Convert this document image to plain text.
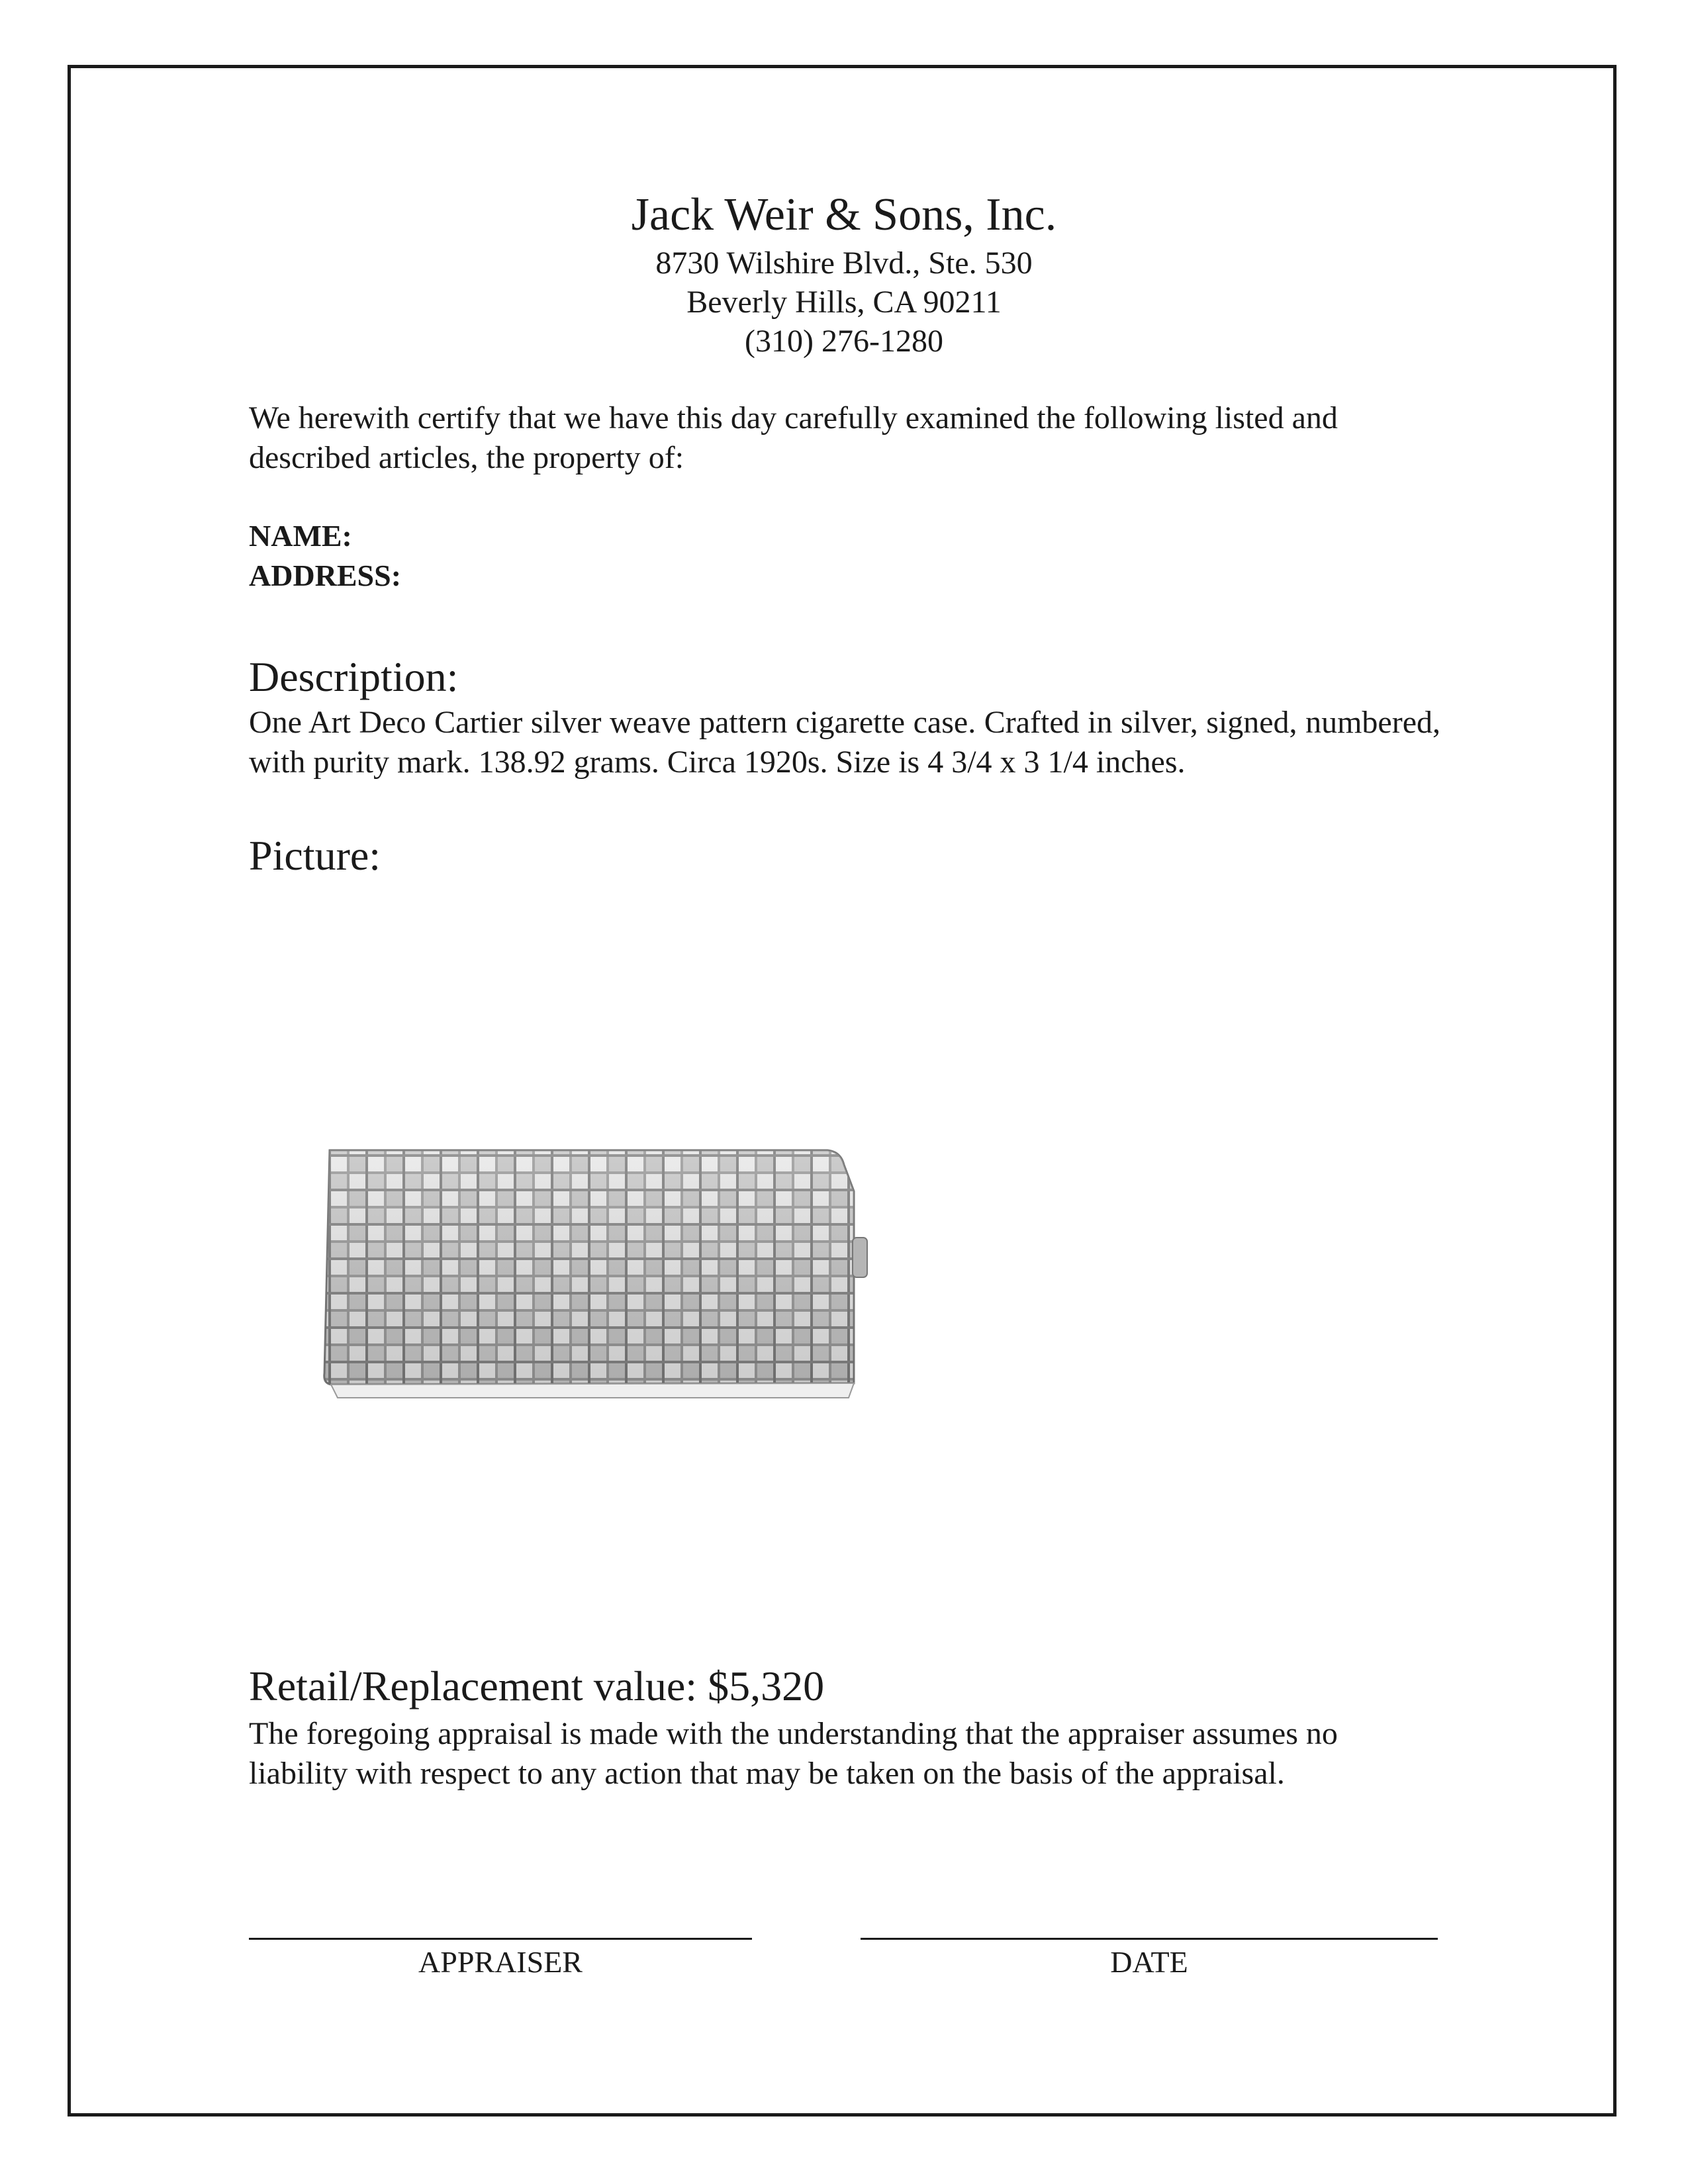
Jack Weir & Sons, Inc.
8730 Wilshire Blvd., Ste. 530
Beverly Hills, CA 90211
(310) 276-1280
We herewith certify that we have this day carefully examined the following listed and described articles, the property of:
NAME:
ADDRESS:
Description:
One Art Deco Cartier silver weave pattern cigarette case. Crafted in silver, signed, numbered, with purity mark. 138.92 grams. Circa 1920s. Size is 4 3/4 x 3 1/4 inches.
Picture:
Retail/Replacement value: $5,320
The foregoing appraisal is made with the understanding that the appraiser assumes no liability with respect to any action that may be taken on the basis of the appraisal.
APPRAISER	DATE
